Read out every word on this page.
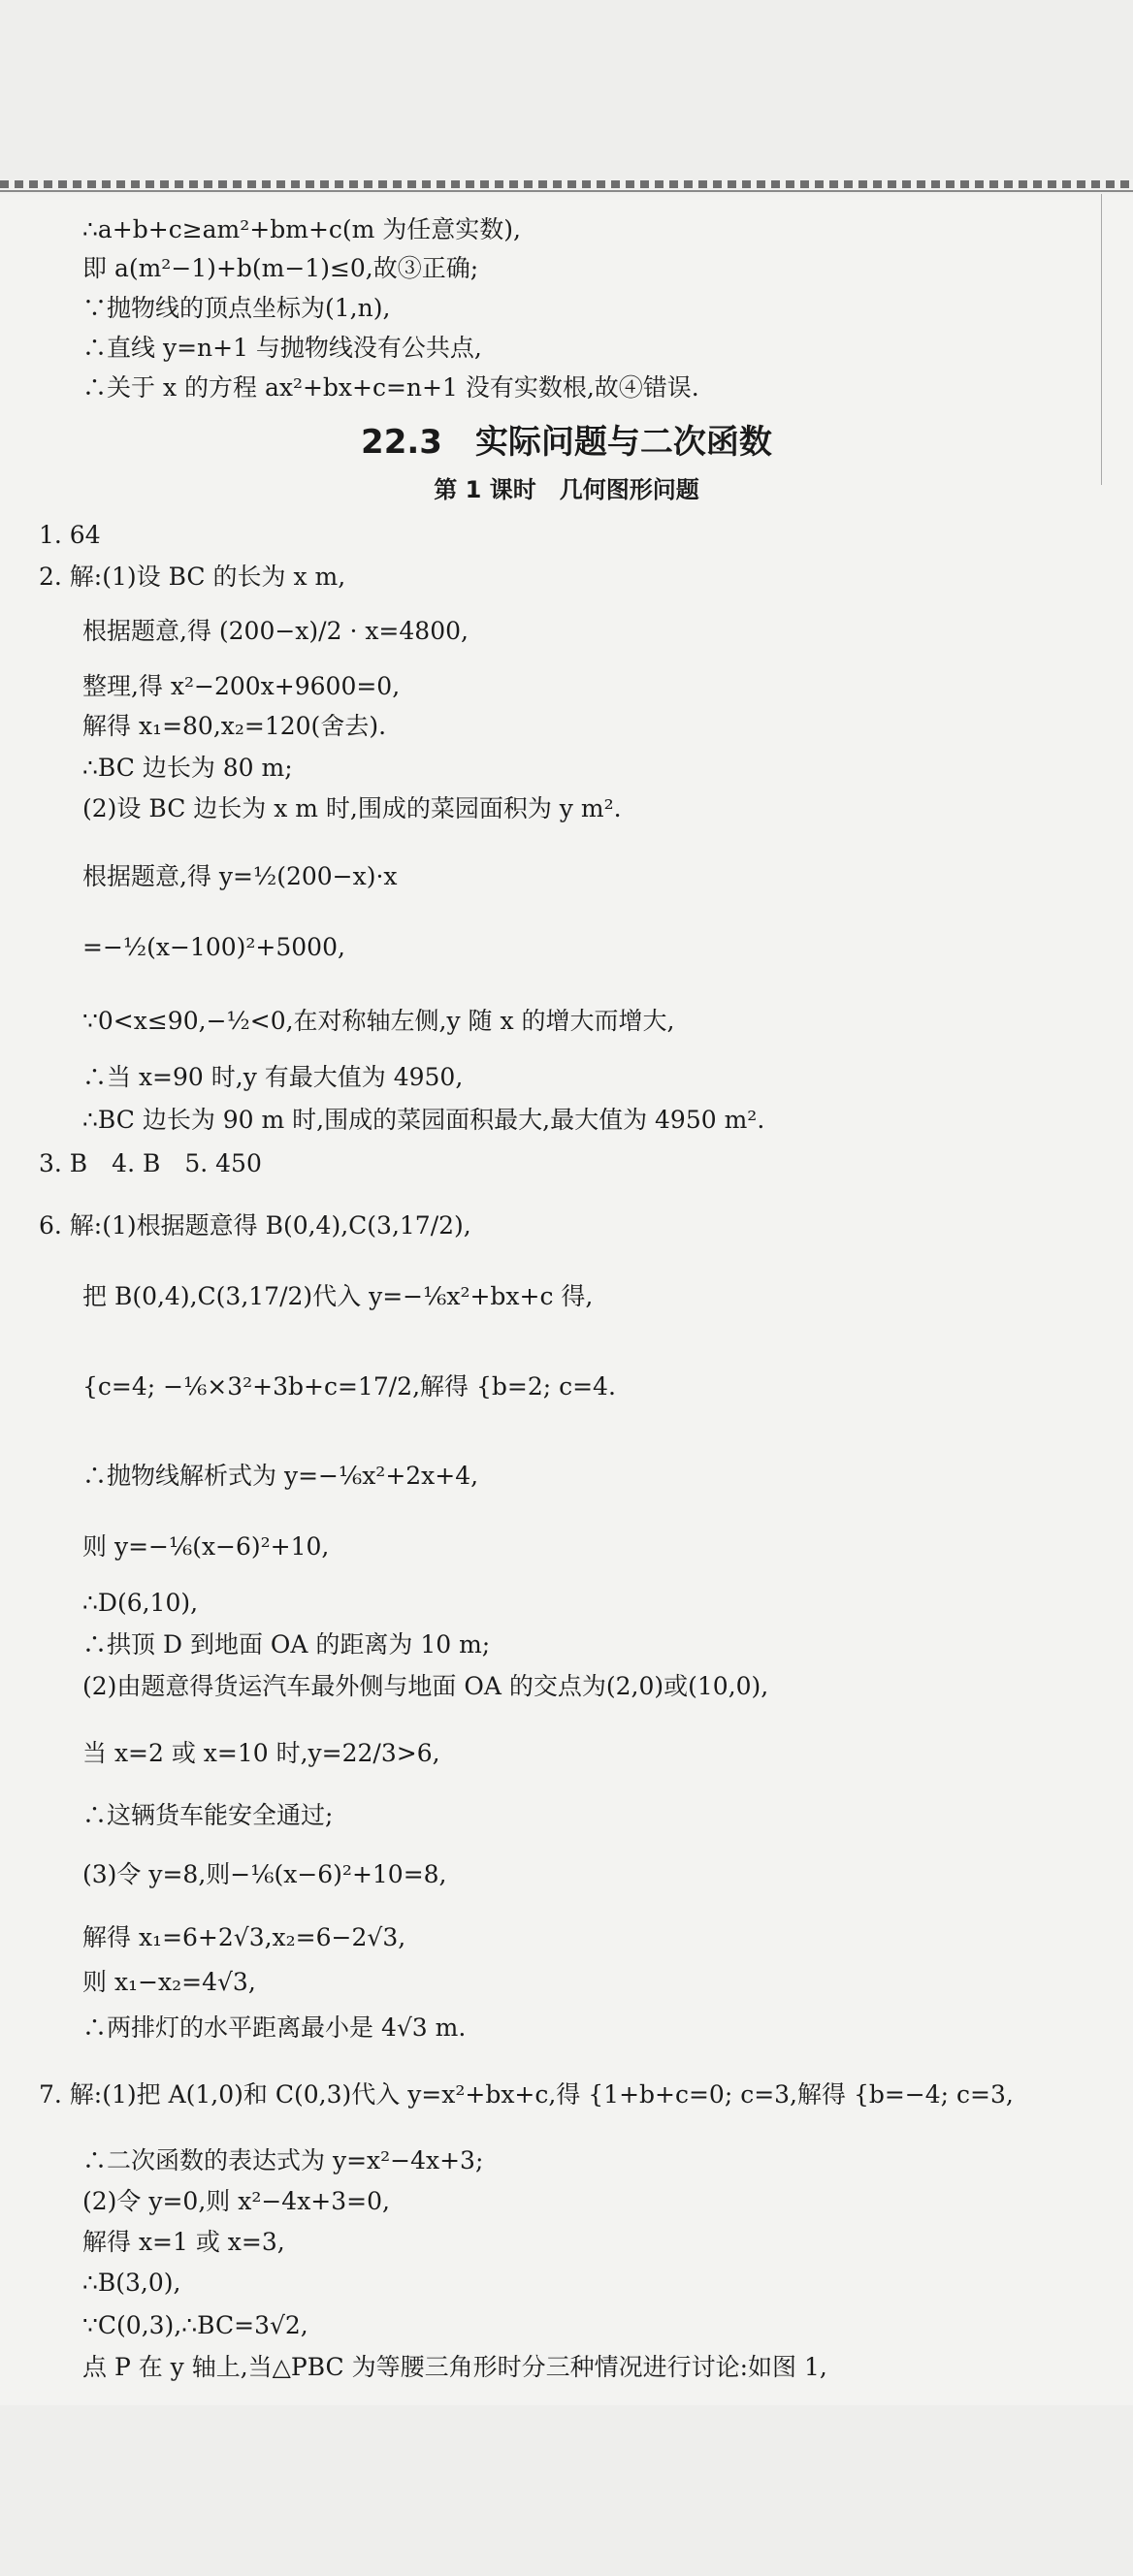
∴a+b+c≥am²+bm+c(m 为任意实数),
即 a(m²−1)+b(m−1)≤0,故③正确;
∵抛物线的顶点坐标为(1,n),
∴直线 y=n+1 与抛物线没有公共点,
∴关于 x 的方程 ax²+bx+c=n+1 没有实数根,故④错误.
22.3　实际问题与二次函数
第 1 课时　几何图形问题
1. 64
2. 解:(1)设 BC 的长为 x m,
根据题意,得 (200−x)/2 · x=4800,
整理,得 x²−200x+9600=0,
解得 x₁=80,x₂=120(舍去).
∴BC 边长为 80 m;
(2)设 BC 边长为 x m 时,围成的菜园面积为 y m².
根据题意,得 y=½(200−x)·x
=−½(x−100)²+5000,
∵0<x≤90,−½<0,在对称轴左侧,y 随 x 的增大而增大,
∴当 x=90 时,y 有最大值为 4950,
∴BC 边长为 90 m 时,围成的菜园面积最大,最大值为 4950 m².
3. B　4. B　5. 450
6. 解:(1)根据题意得 B(0,4),C(3,17/2),
把 B(0,4),C(3,17/2)代入 y=−⅙x²+bx+c 得,
{c=4; −⅙×3²+3b+c=17/2,解得 {b=2; c=4.
∴抛物线解析式为 y=−⅙x²+2x+4,
则 y=−⅙(x−6)²+10,
∴D(6,10),
∴拱顶 D 到地面 OA 的距离为 10 m;
(2)由题意得货运汽车最外侧与地面 OA 的交点为(2,0)或(10,0),
当 x=2 或 x=10 时,y=22/3>6,
∴这辆货车能安全通过;
(3)令 y=8,则−⅙(x−6)²+10=8,
解得 x₁=6+2√3,x₂=6−2√3,
则 x₁−x₂=4√3,
∴两排灯的水平距离最小是 4√3 m.
7. 解:(1)把 A(1,0)和 C(0,3)代入 y=x²+bx+c,得 {1+b+c=0; c=3,解得 {b=−4; c=3,
∴二次函数的表达式为 y=x²−4x+3;
(2)令 y=0,则 x²−4x+3=0,
解得 x=1 或 x=3,
∴B(3,0),
∵C(0,3),∴BC=3√2,
点 P 在 y 轴上,当△PBC 为等腰三角形时分三种情况进行讨论:如图 1,
